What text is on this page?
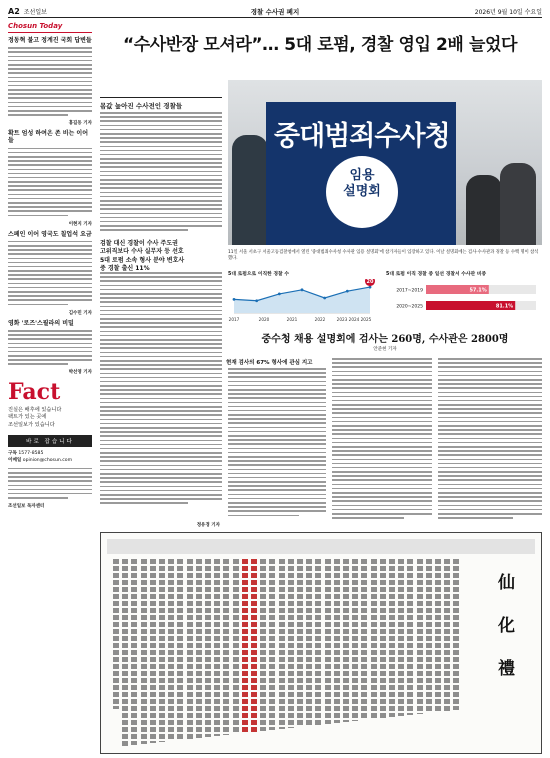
A2 조선일보	경찰 수사권 폐지	2026년 9월 10일 수요일
Chosun Today
정동혁 불고 정계진 국회 답변들
홍길동 기자
확트 엄성 하여온 존 비는 이어들
이현지 기자
스페인 이어 영국도 칠업석 요금
김수민 기자
영화 '로즈'스필라의 비밀
박선영 기자
Fact
진실은 배후에 있습니다
팩트가 있는 곳에
조선일보가 있습니다
바로 잡습니다
구독 1577-8585
이메일 opinion@chosun.com
조선일보 독자센터
“수사반장 모셔라”… 5대 로펌, 경찰 영입 2배 늘었다
몸값 높아진 수사전인 경찰들
검찰 대신 경찰이 수사 주도권
고위직보다 수사 실무자 등 선호
5대 로펌 소속 형사 분야 변호사
중 경찰 출신 11%
정유경 기자
중대범죄수사청
임용
설명회
11일 서울 서초구 서울고등검찰청에서 열린 '중대범죄수사청 수사관 임용 설명회'에 참가자들이 입장하고 있다. 이날 설명회에는 검사·수사관과 경찰 등 수백 명이 참석했다.
5대 로펌으로 이직한 경찰 수
20
2017	2020	2021	2022	2023 2024 2025
5대 로펌 이직 경찰 중 일선 경찰서 수사관 비중
2017~2019	57.1%
2020~2025	81.1%
중수청 채용 설명회에 검사는 260명, 수사관은 2800명
안준현 기자
현재 검사의 67% 형사에 관심 지고
仙 化 禮
